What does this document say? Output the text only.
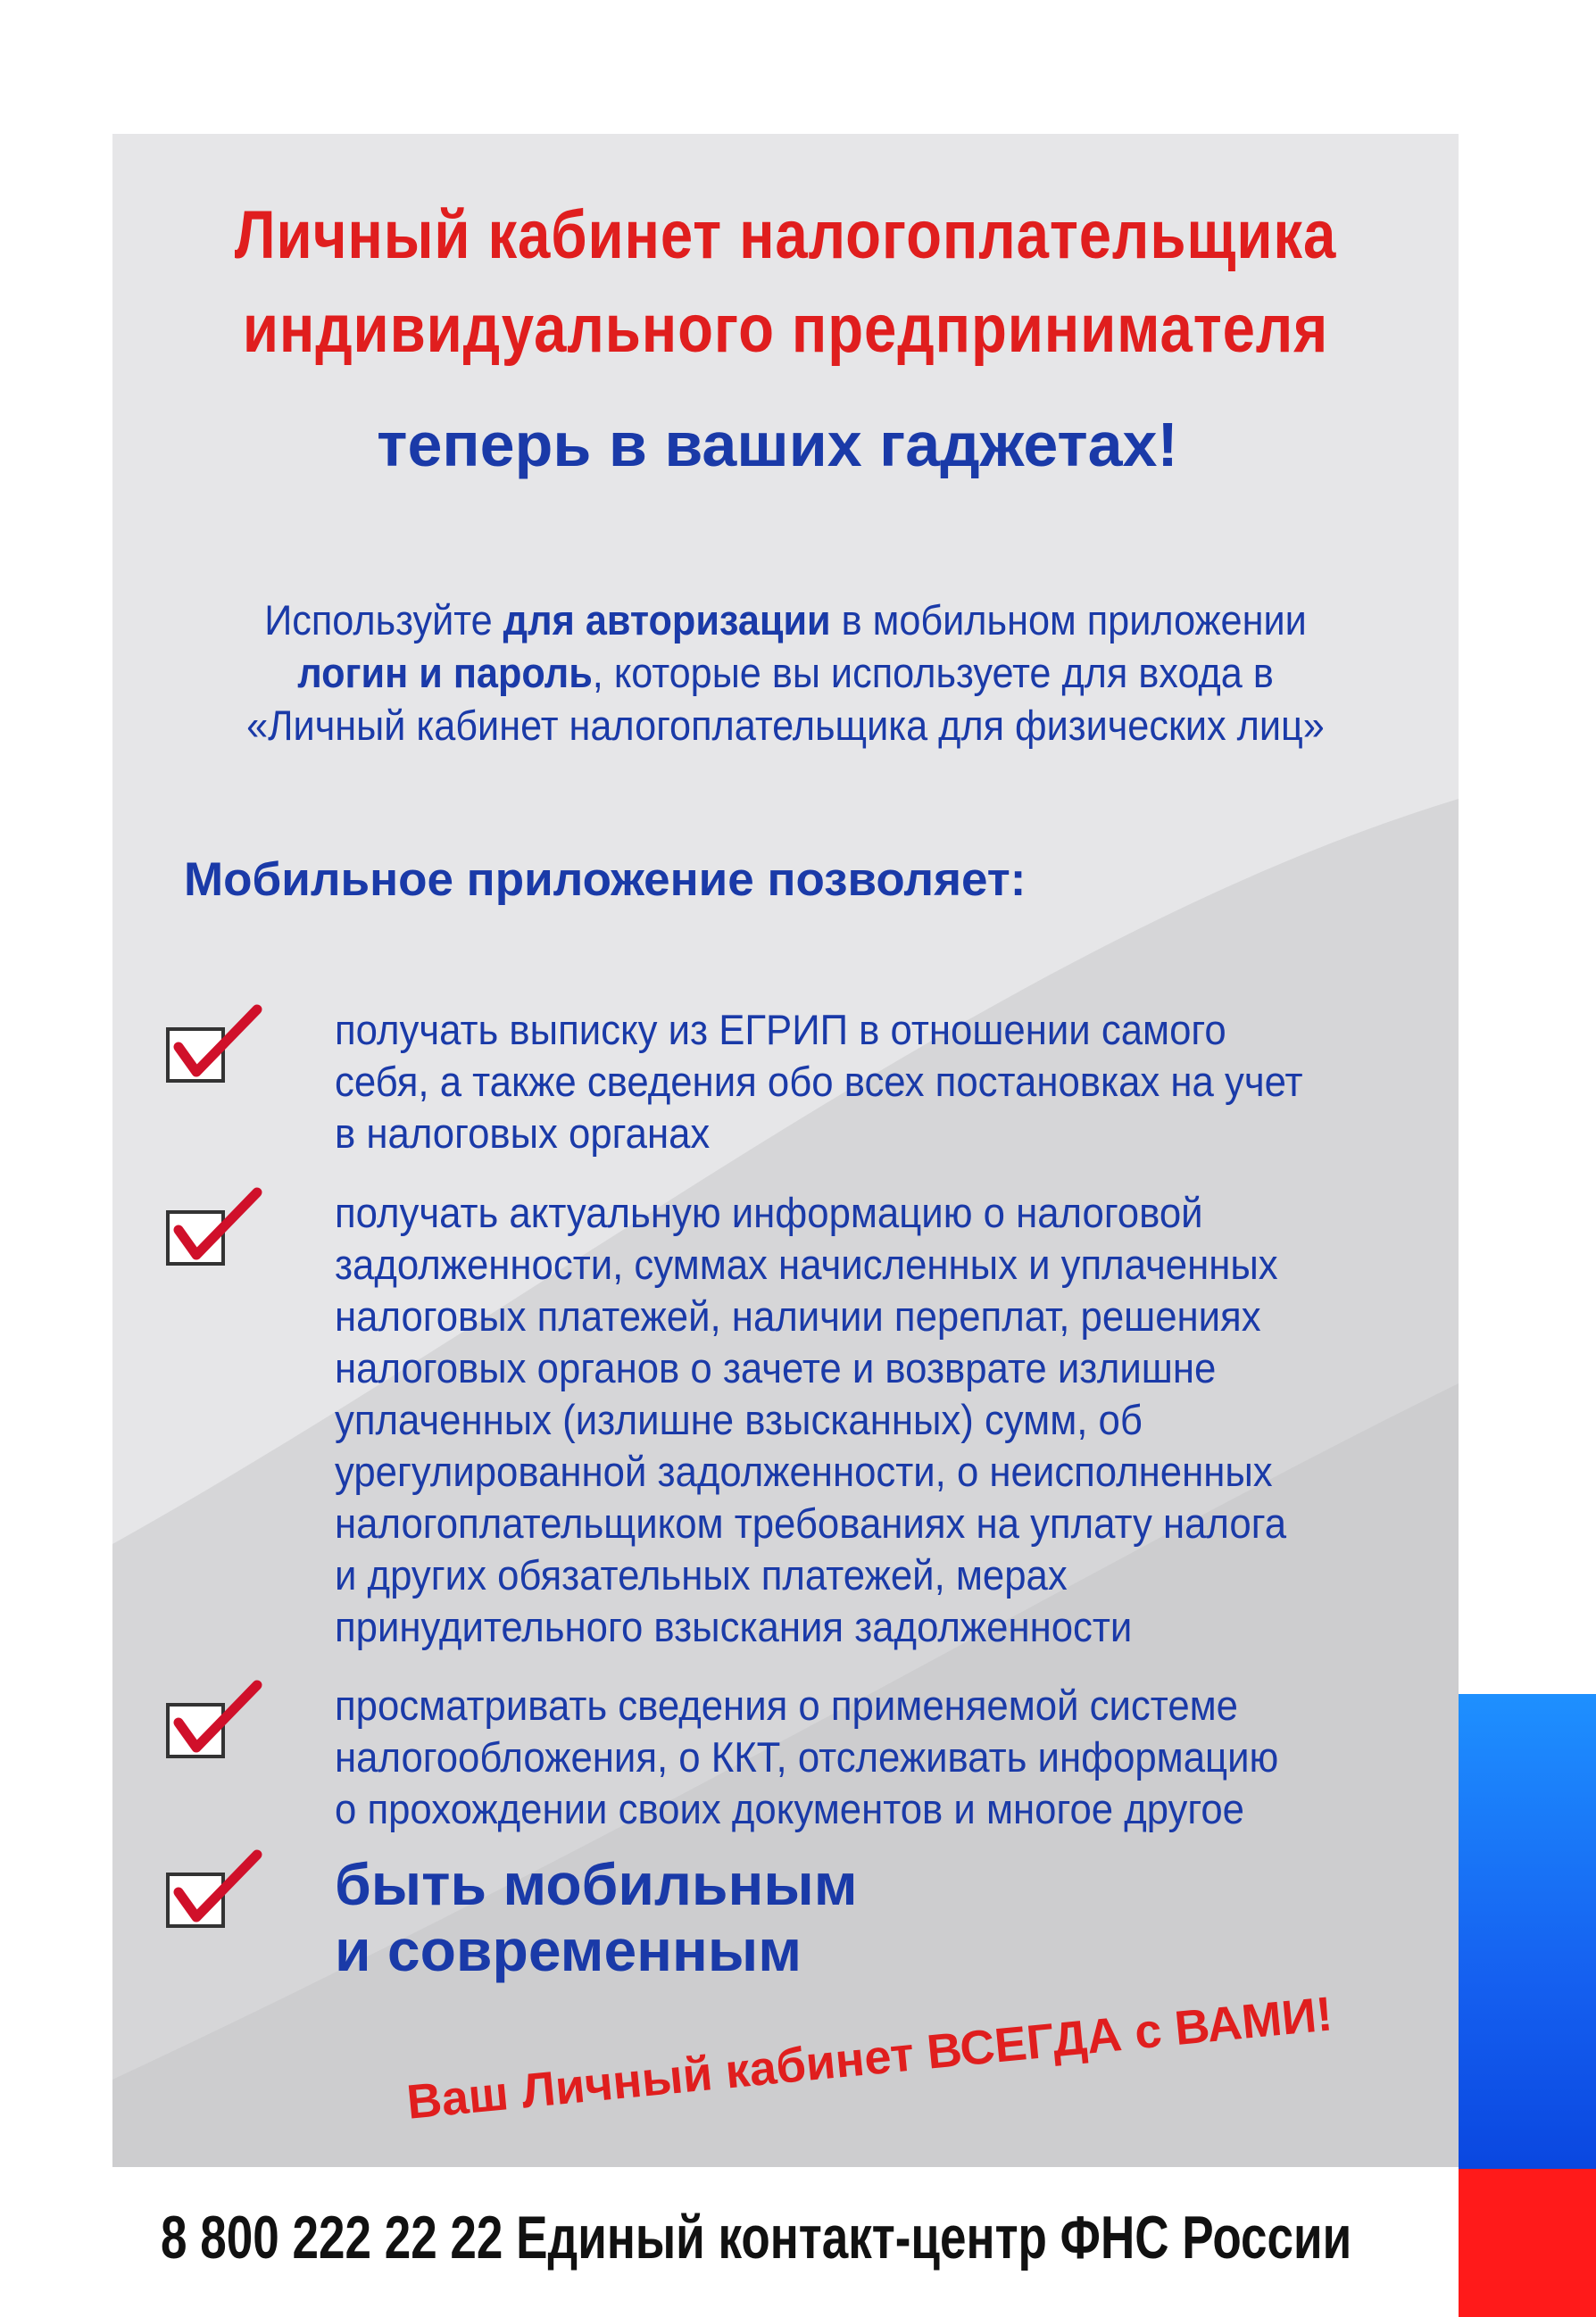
Личный кабинет налогоплательщика
индивидуального предпринимателя
теперь в ваших гаджетах!
Используйте для авторизации в мобильном приложении
логин и пароль, которые вы используете для входа в
«Личный кабинет налогоплательщика для физических лиц»
Мобильное приложение позволяет:
получать выписку из ЕГРИП в отношении самого
себя, а также сведения обо всех постановках на учет
в налоговых органах
получать актуальную информацию о налоговой
задолженности, суммах начисленных и уплаченных
налоговых платежей, наличии переплат, решениях
налоговых органов о зачете и возврате излишне
уплаченных (излишне взысканных) сумм, об
урегулированной задолженности, о неисполненных
налогоплательщиком требованиях на уплату налога
и других обязательных платежей, мерах
принудительного взыскания задолженности
просматривать сведения о применяемой системе
налогообложения, о ККТ, отслеживать информацию
о прохождении своих документов и многое другое
быть мобильным
и современным
Ваш Личный кабинет ВСЕГДА с ВАМИ!
8 800 222 22 22 Единый контакт-центр ФНС России
